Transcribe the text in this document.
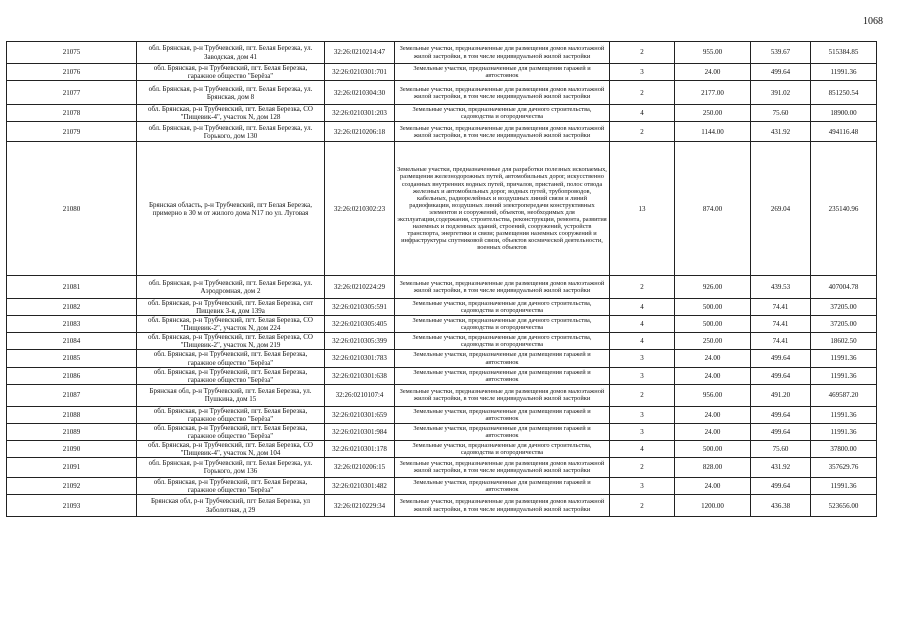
1068
21075	обл. Брянская, р-н Трубчевский, пгт. Белая Березка, ул. Заводская, дом 41	32:26:0210214:47	Земельные участки, предназначенные для размещения домов малоэтажной жилой застройки, в том числе индивидуальной жилой застройки	2	955.00	539.67	515384.85
21076	обл. Брянская, р-н Трубчевский, пгт. Белая Березка, гаражное общество "Берёза"	32:26:0210301:701	Земельные участки, предназначенные для размещения гаражей и автостоянок	3	24.00	499.64	11991.36
21077	обл. Брянская, р-н Трубчевский, пгт. Белая Березка, ул. Брянская, дом 8	32:26:0210304:30	Земельные участки, предназначенные для размещения домов малоэтажной жилой застройки, в том числе индивидуальной жилой застройки	2	2177.00	391.02	851250.54
21078	обл. Брянская, р-н Трубчевский, пгт. Белая Березка, СО "Пищевик-4", участок N, дом 128	32:26:0210301:203	Земельные участки, предназначенные для дачного строительства, садоводства и огородничества	4	250.00	75.60	18900.00
21079	обл. Брянская, р-н Трубчевский, пгт. Белая Березка, ул. Горького, дом 130	32:26:0210206:18	Земельные участки, предназначенные для размещения домов малоэтажной жилой застройки, в том числе индивидуальной жилой застройки	2	1144.00	431.92	494116.48
21080	Брянская область, р-н Трубчевский, пгт Белая Березка, примерно в 30 м от жилого дома N17 по ул. Луговая	32:26:0210302:23	Земельные участки, предназначенные для разработки полезных ископаемых, размещения железнодорожных путей, автомобильных дорог, искусственно созданных внутренних водных путей, причалов, пристаней, полос отвода железных и автомобильных дорог, водных путей, трубопроводов, кабельных, радиорелейных и воздушных линий связи и линий радиофикации, воздушных линий электропередачи конструктивных элементов и сооружений, объектов, необходимых для эксплуатации,содержания, строительства, реконструкции, ремонта, развития наземных и подземных зданий, строений, сооружений, устройств транспорта, энергетики и связи; размещения наземных сооружений и инфраструктуры спутниковой связи, объектов космической деятельности, военных объектов	13	874.00	269.04	235140.96
21081	обл. Брянская, р-н Трубчевский, пгт. Белая Березка, ул. Аэродромная, дом 2	32:26:0210224:29	Земельные участки, предназначенные для размещения домов малоэтажной жилой застройки, в том числе индивидуальной жилой застройки	2	926.00	439.53	407004.78
21082	обл. Брянская, р-н Трубчевский, пгт. Белая Березка, снт Пищевик 3-я, дом 139а	32:26:0210305:591	Земельные участки, предназначенные для дачного строительства, садоводства и огородничества	4	500.00	74.41	37205.00
21083	обл. Брянская, р-н Трубчевский, пгт. Белая Березка, СО "Пищевик-2", участок N, дом 224	32:26:0210305:405	Земельные участки, предназначенные для дачного строительства, садоводства и огородничества	4	500.00	74.41	37205.00
21084	обл. Брянская, р-н Трубчевский, пгт. Белая Березка, СО "Пищевик-2", участок N, дом 219	32:26:0210305:399	Земельные участки, предназначенные для дачного строительства, садоводства и огородничества	4	250.00	74.41	18602.50
21085	обл. Брянская, р-н Трубчевский, пгт. Белая Березка, гаражное общество "Берёза"	32:26:0210301:783	Земельные участки, предназначенные для размещения гаражей и автостоянок	3	24.00	499.64	11991.36
21086	обл. Брянская, р-н Трубчевский, пгт. Белая Березка, гаражное общество "Берёза"	32:26:0210301:638	Земельные участки, предназначенные для размещения гаражей и автостоянок	3	24.00	499.64	11991.36
21087	Брянская обл, р-н Трубчевский, пгт. Белая Березка, ул. Пушкина, дом 15	32:26:0210107:4	Земельные участки, предназначенные для размещения домов малоэтажной жилой застройки, в том числе индивидуальной жилой застройки	2	956.00	491.20	469587.20
21088	обл. Брянская, р-н Трубчевский, пгт. Белая Березка, гаражное общество "Берёза"	32:26:0210301:659	Земельные участки, предназначенные для размещения гаражей и автостоянок	3	24.00	499.64	11991.36
21089	обл. Брянская, р-н Трубчевский, пгт. Белая Березка, гаражное общество "Берёза"	32:26:0210301:984	Земельные участки, предназначенные для размещения гаражей и автостоянок	3	24.00	499.64	11991.36
21090	обл. Брянская, р-н Трубчевский, пгт. Белая Березка, СО "Пищевик-4", участок N, дом 104	32:26:0210301:178	Земельные участки, предназначенные для дачного строительства, садоводства и огородничества	4	500.00	75.60	37800.00
21091	обл. Брянская, р-н Трубчевский, пгт. Белая Березка, ул. Горького, дом 136	32:26:0210206:15	Земельные участки, предназначенные для размещения домов малоэтажной жилой застройки, в том числе индивидуальной жилой застройки	2	828.00	431.92	357629.76
21092	обл. Брянская, р-н Трубчевский, пгт. Белая Березка, гаражное общество "Берёза"	32:26:0210301:482	Земельные участки, предназначенные для размещения гаражей и автостоянок	3	24.00	499.64	11991.36
21093	Брянская обл, р-н Трубчевский, пгт Белая Березка, ул Заболотная, д 29	32:26:0210229:34	Земельные участки, предназначенные для размещения домов малоэтажной жилой застройки, в том числе индивидуальной жилой застройки	2	1200.00	436.38	523656.00
